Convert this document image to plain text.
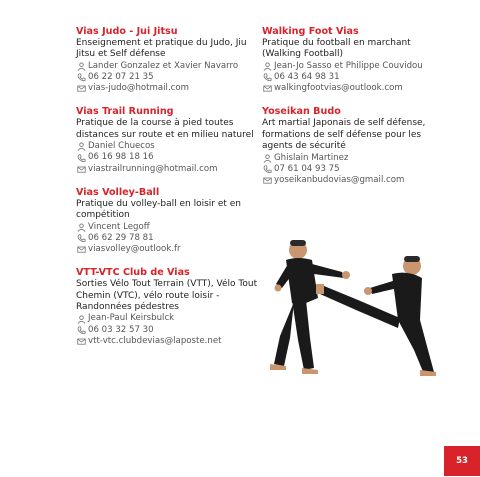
Vias Judo - Jui Jitsu
Enseignement et pratique du Judo, Jiu Jitsu et Self défense
Lander Gonzalez et Xavier Navarro
06 22 07 21 35
vias-judo@hotmail.com
Vias Trail Running
Pratique de la course à pied toutes distances sur route et en milieu naturel
Daniel Chuecos
06 16 98 18 16
viastrailrunning@hotmail.com
Vias Volley-Ball
Pratique du volley-ball en loisir et en compétition
Vincent Legoff
06 62 29 78 81
viasvolley@outlook.fr
VTT-VTC Club de Vias
Sorties Vélo Tout Terrain (VTT), Vélo Tout Chemin (VTC), vélo route loisir - Randonnées pédestres
Jean-Paul Keirsbulck
06 03 32 57 30
vtt-vtc.clubdevias@laposte.net
Walking Foot Vias
Pratique du football en marchant (Walking Football)
Jean-Jo Sasso et Philippe Couvidou
06 43 64 98 31
walkingfootvias@outlook.com
Yoseikan Budo
Art martial Japonais de self défense, formations de self défense pour les agents de sécurité
Ghislain Martinez
07 61 04 93 75
yoseikanbudovias@gmail.com
53
